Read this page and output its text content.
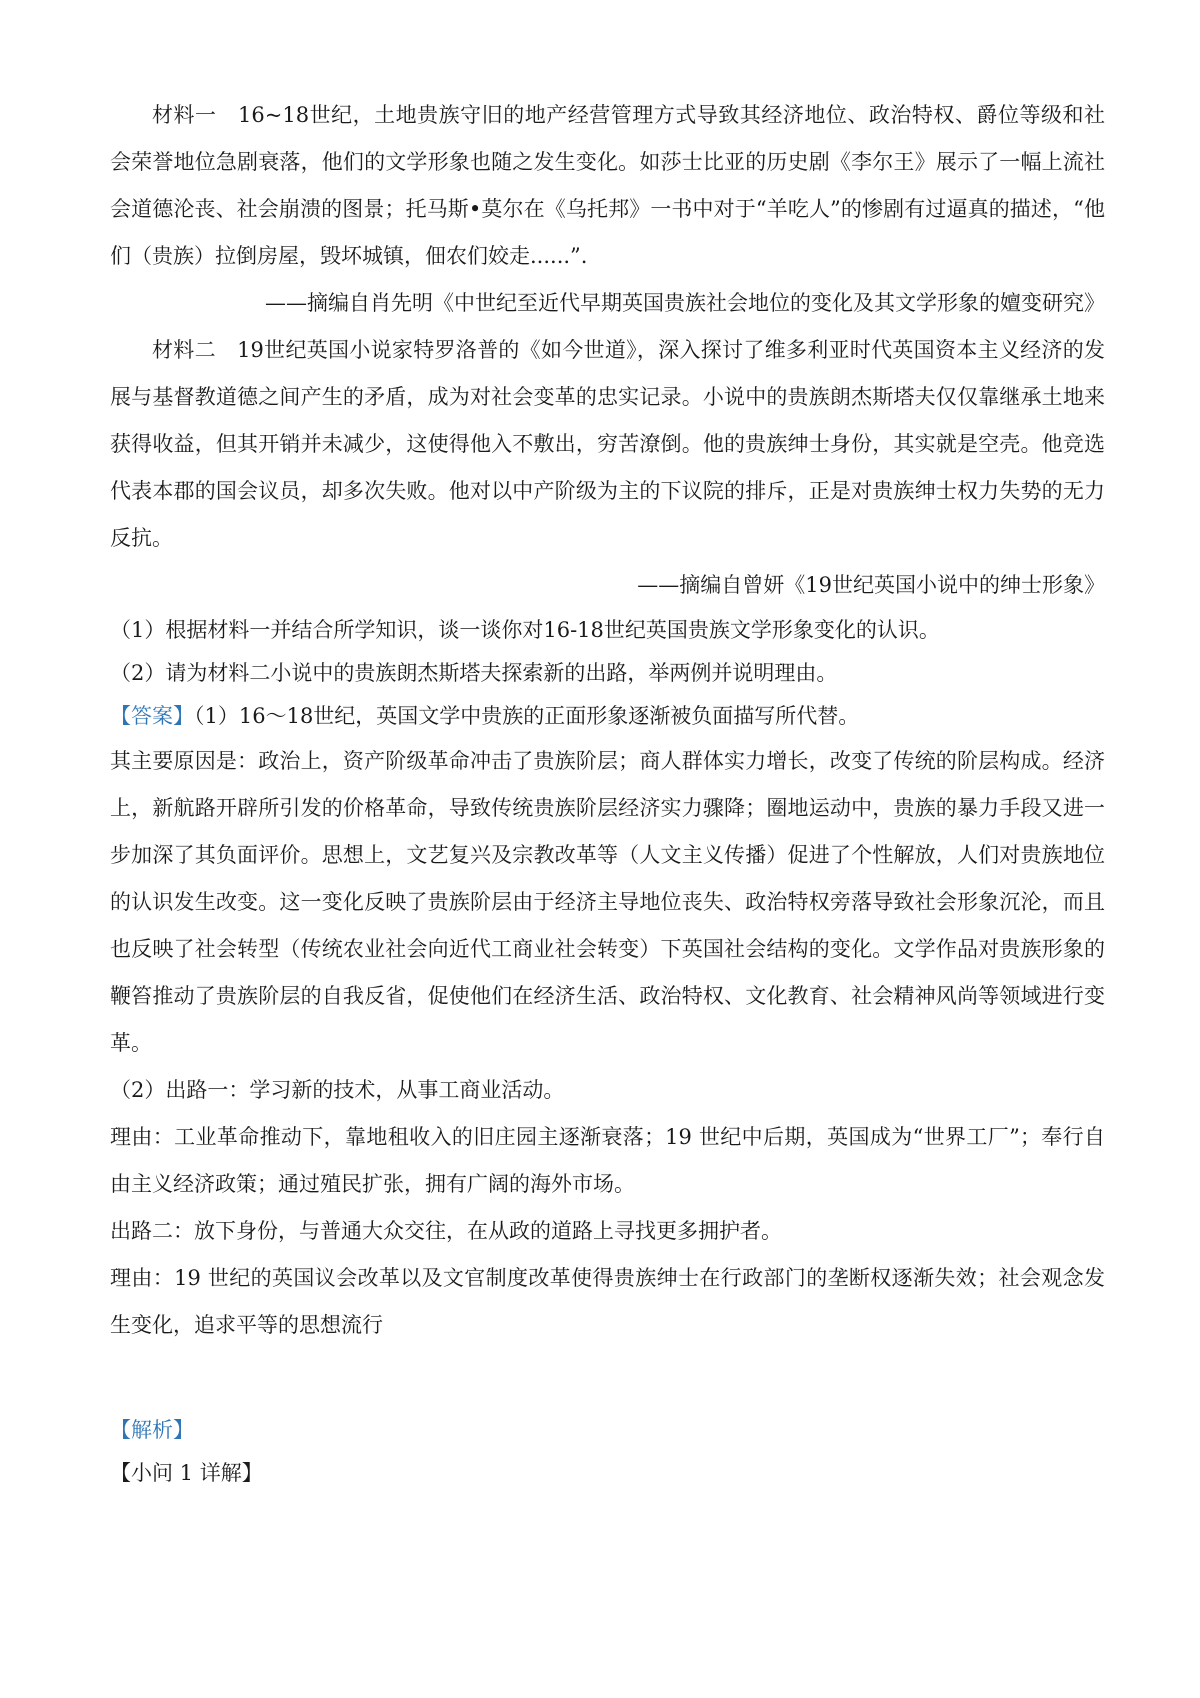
材料一　16~18世纪，土地贵族守旧的地产经营管理方式导致其经济地位、政治特权、爵位等级和社会荣誉地位急剧衰落，他们的文学形象也随之发生变化。如莎士比亚的历史剧《李尔王》展示了一幅上流社会道德沦丧、社会崩溃的图景；托马斯•莫尔在《乌托邦》一书中对于“羊吃人”的惨剧有过逼真的描述，“他们（贵族）拉倒房屋，毁坏城镇，佃农们姣走......”.

——摘编自肖先明《中世纪至近代早期英国贵族社会地位的变化及其文学形象的嬗变研究》

材料二　19世纪英国小说家特罗洛普的《如今世道》，深入探讨了维多利亚时代英国资本主义经济的发展与基督教道德之间产生的矛盾，成为对社会变革的忠实记录。小说中的贵族朗杰斯塔夫仅仅靠继承土地来获得收益，但其开销并未减少，这使得他入不敷出，穷苦潦倒。他的贵族绅士身份，其实就是空壳。他竞选代表本郡的国会议员，却多次失败。他对以中产阶级为主的下议院的排斥，正是对贵族绅士权力失势的无力反抗。

——摘编自曾妍《19世纪英国小说中的绅士形象》

（1）根据材料一并结合所学知识，谈一谈你对16-18世纪英国贵族文学形象变化的认识。

（2）请为材料二小说中的贵族朗杰斯塔夫探索新的出路，举两例并说明理由。

【答案】（1）16～18世纪，英国文学中贵族的正面形象逐渐被负面描写所代替。

其主要原因是：政治上，资产阶级革命冲击了贵族阶层；商人群体实力增长，改变了传统的阶层构成。经济上，新航路开辟所引发的价格革命，导致传统贵族阶层经济实力骤降；圈地运动中，贵族的暴力手段又进一步加深了其负面评价。思想上，文艺复兴及宗教改革等（人文主义传播）促进了个性解放，人们对贵族地位的认识发生改变。这一变化反映了贵族阶层由于经济主导地位丧失、政治特权旁落导致社会形象沉沦，而且也反映了社会转型（传统农业社会向近代工商业社会转变）下英国社会结构的变化。文学作品对贵族形象的鞭笞推动了贵族阶层的自我反省，促使他们在经济生活、政治特权、文化教育、社会精神风尚等领域进行变革。

（2）出路一：学习新的技术，从事工商业活动。

理由：工业革命推动下，靠地租收入的旧庄园主逐渐衰落；19 世纪中后期，英国成为“世界工厂”；奉行自由主义经济政策；通过殖民扩张，拥有广阔的海外市场。

出路二：放下身份，与普通大众交往，在从政的道路上寻找更多拥护者。

理由：19 世纪的英国议会改革以及文官制度改革使得贵族绅士在行政部门的垄断权逐渐失效；社会观念发生变化，追求平等的思想流行

【解析】

【小问 1 详解】
